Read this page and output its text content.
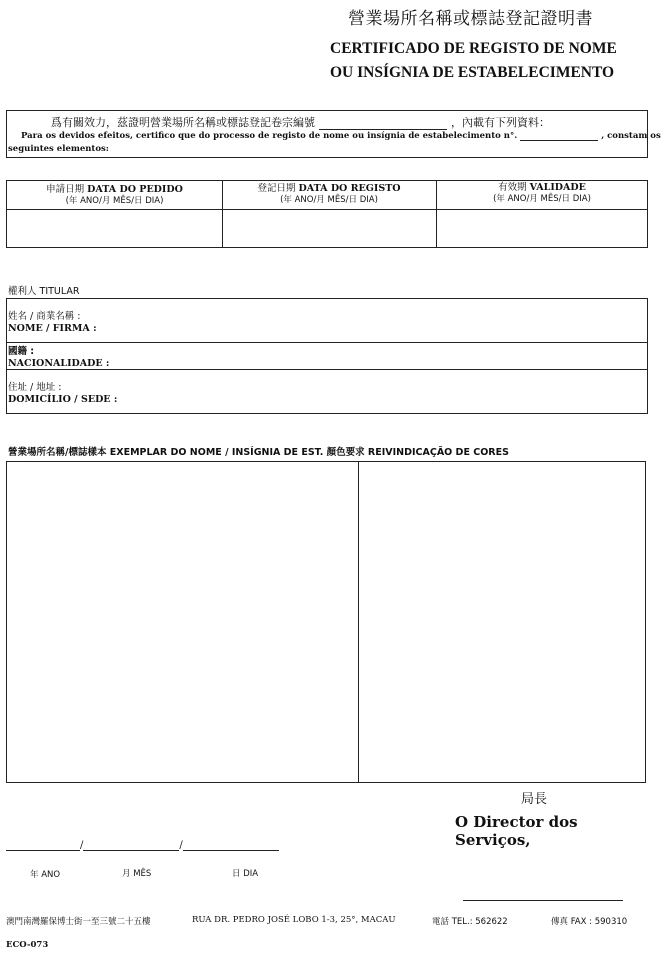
營業場所名稱或標誌登記證明書
CERTIFICADO DE REGISTO DE NOME
OU INSÍGNIA DE ESTABELECIMENTO
爲有關效力，茲證明營業場所名稱或標誌登記卷宗編號	，內載有下列資料：
Para os devidos efeitos, certifico que do processo de registo de nome ou insígnia de estabelecimento n°.	, constam os
seguintes elementos:
申請日期 DATA DO PEDIDO
(年 ANO/月 MÊS/日 DIA)
登記日期 DATA DO REGISTO
(年 ANO/月 MÊS/日 DIA)
有效期 VALIDADE
(年 ANO/月 MÊS/日 DIA)
權利人 TITULAR
姓名 / 商業名稱 :
NOME / FIRMA :
國籍 :
NACIONALIDADE :
住址 / 地址 :
DOMICÍLIO / SEDE :
營業場所名稱/標誌樣本 EXEMPLAR DO NOME / INSÍGNIA DE EST. 顏色要求 REIVINDICAÇÃO DE CORES
局長
O Director dos Serviços,
/	/
年 ANO	月 MÊS	日 DIA
澳門南灣羅保博士街一至三號二十五樓	RUA DR. PEDRO JOSÉ LOBO 1-3, 25°, MACAU	電話 TEL.: 562622	傳真 FAX : 590310
ECO-073
